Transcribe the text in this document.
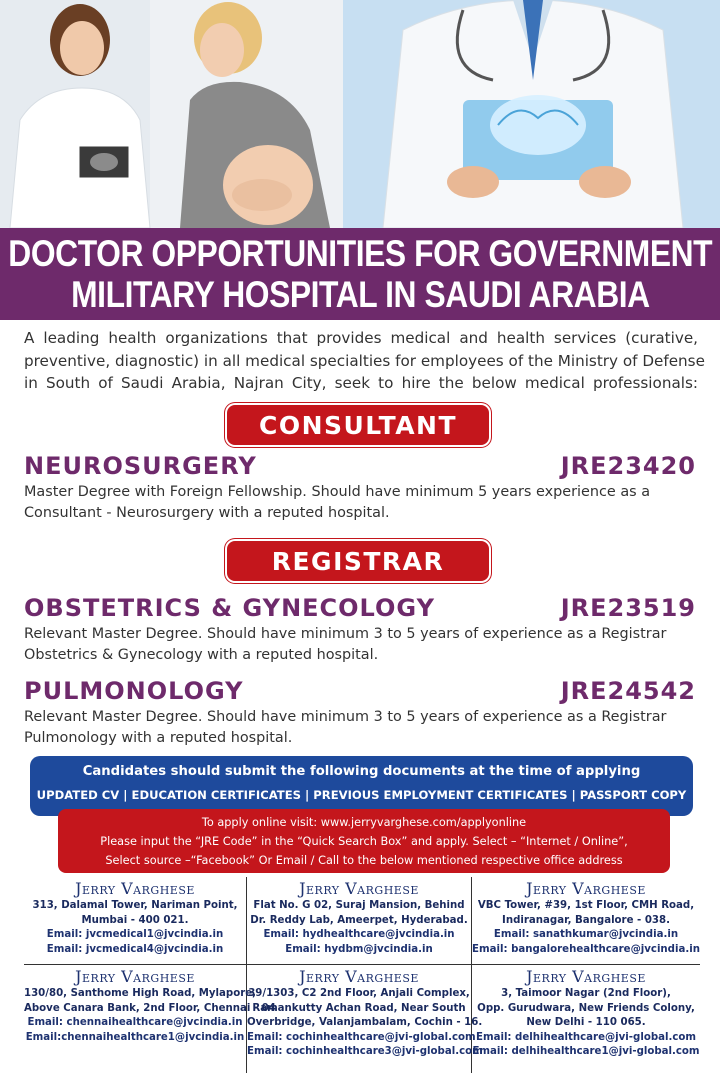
DOCTOR OPPORTUNITIES FOR GOVERNMENT
MILITARY HOSPITAL IN SAUDI ARABIA
A leading health organizations that provides medical and health services (curative,
preventive, diagnostic) in all medical specialties for employees of the Ministry of Defense
in South of Saudi Arabia, Najran City, seek to hire the below medical professionals:
CONSULTANT
NEUROSURGERY	JRE23420
Master Degree with Foreign Fellowship. Should have minimum 5 years experience as a
Consultant - Neurosurgery with a reputed hospital.
REGISTRAR
OBSTETRICS & GYNECOLOGY	JRE23519
Relevant Master Degree. Should have minimum 3 to 5 years of experience as a Registrar
Obstetrics & Gynecology with a reputed hospital.
PULMONOLOGY	JRE24542
Relevant Master Degree. Should have minimum 3 to 5 years of experience as a Registrar
Pulmonology with a reputed hospital.
Candidates should submit the following documents at the time of applying
UPDATED CV | EDUCATION CERTIFICATES | PREVIOUS EMPLOYMENT CERTIFICATES | PASSPORT COPY
To apply online visit: www.jerryvarghese.com/applyonline
Please input the “JRE Code” in the “Quick Search Box” and apply. Select – “Internet / Online”,
Select source –“Facebook” Or Email / Call to the below mentioned respective office address
Jerry Varghese
313, Dalamal Tower, Nariman Point,
Mumbai - 400 021.
Email: jvcmedical1@jvcindia.in
Email: jvcmedical4@jvcindia.in
Jerry Varghese
Flat No. G 02, Suraj Mansion, Behind
Dr. Reddy Lab, Ameerpet, Hyderabad.
Email: hydhealthcare@jvcindia.in
Email: hydbm@jvcindia.in
Jerry Varghese
VBC Tower, #39, 1st Floor, CMH Road,
Indiranagar, Bangalore - 038.
Email: sanathkumar@jvcindia.in
Email: bangalorehealthcare@jvcindia.in
Jerry Varghese
130/80, Santhome High Road, Mylapore,
Above Canara Bank, 2nd Floor, Chennai - 04
Email: chennaihealthcare@jvcindia.in
Email:chennaihealthcare1@jvcindia.in
Jerry Varghese
39/1303, C2 2nd Floor, Anjali Complex,
Ramankutty Achan Road, Near South
Overbridge, Valanjambalam, Cochin - 16.
Email: cochinhealthcare@jvi-global.com
Email: cochinhealthcare3@jvi-global.com
Jerry Varghese
3, Taimoor Nagar (2nd Floor),
Opp. Gurudwara, New Friends Colony,
New Delhi - 110 065.
Email: delhihealthcare@jvi-global.com
Email: delhihealthcare1@jvi-global.com
